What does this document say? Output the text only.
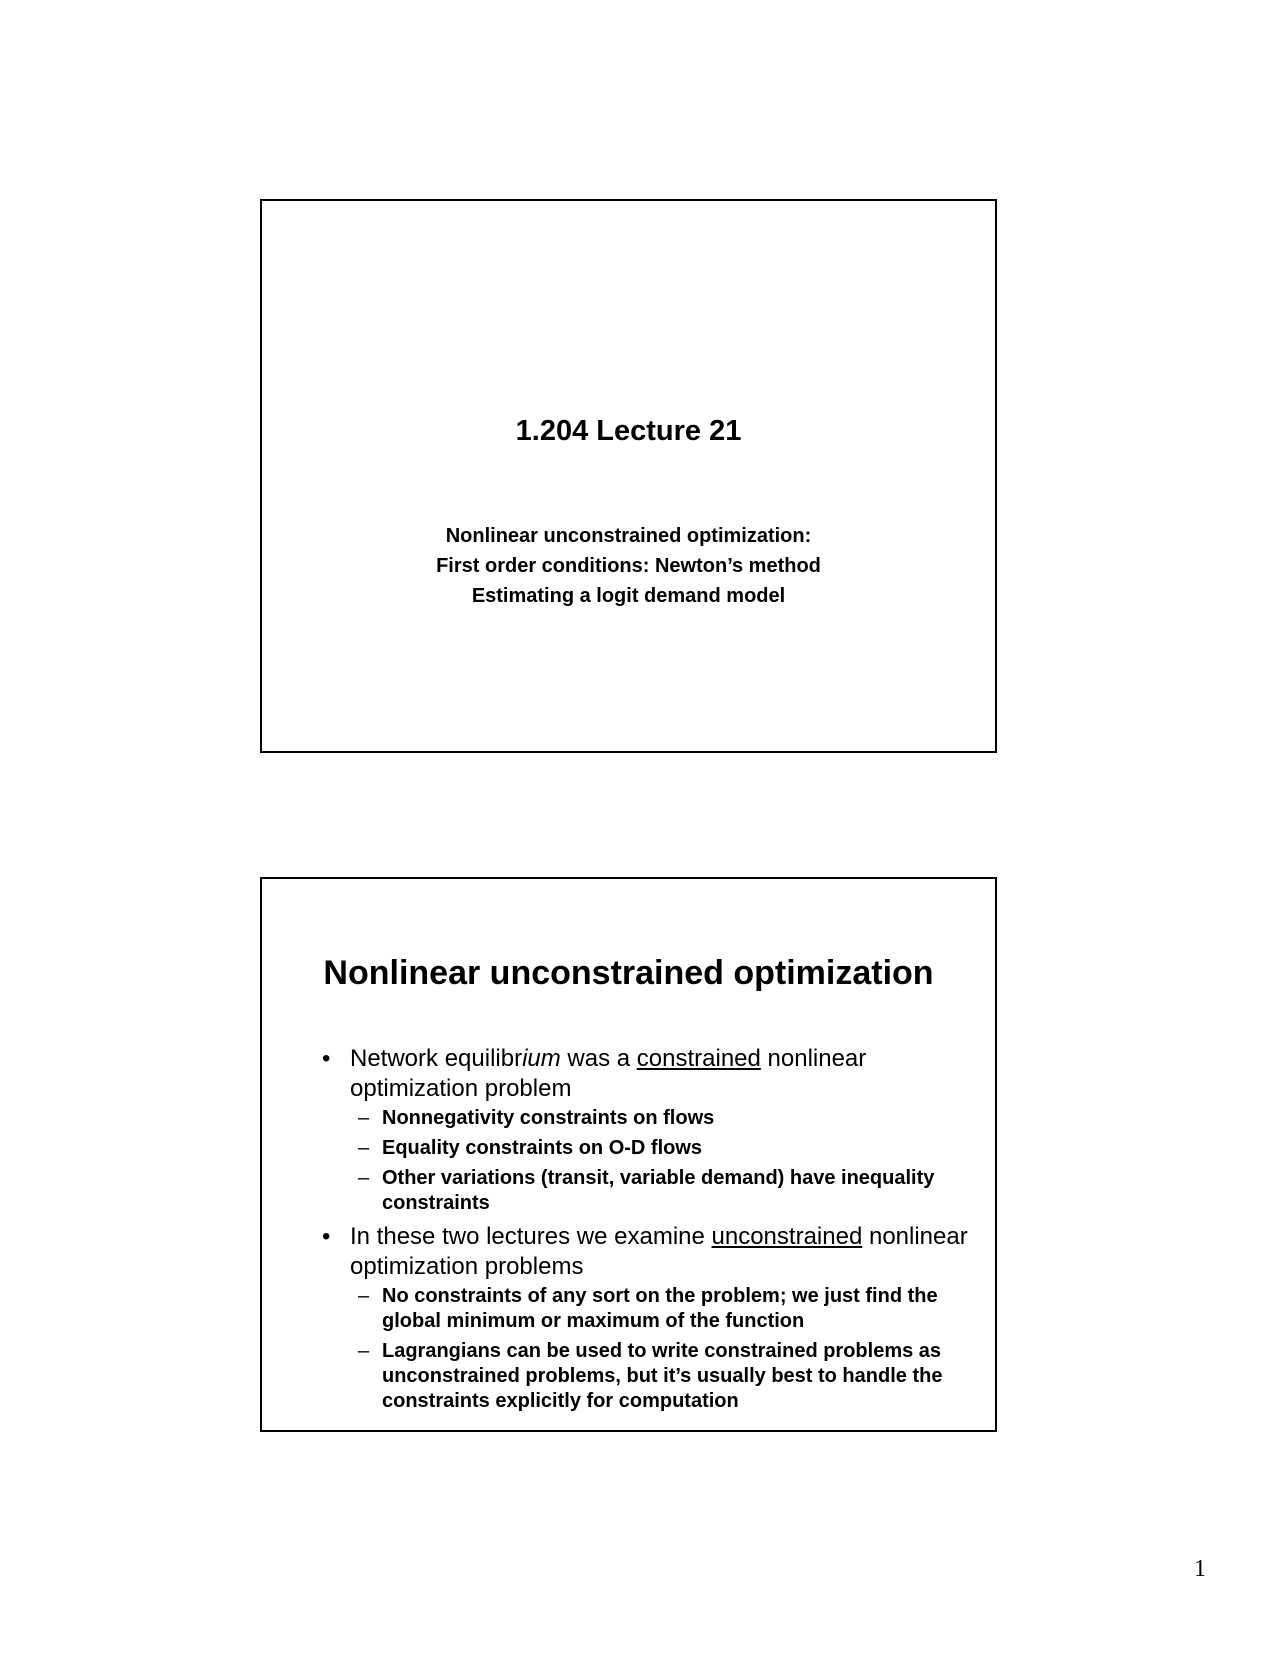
1.204 Lecture 21
Nonlinear unconstrained optimization:
First order conditions: Newton’s method
Estimating a logit demand model
Nonlinear unconstrained optimization
• Network equilibrium was a constrained nonlinear optimization problem
– Nonnegativity constraints on flows
– Equality constraints on O-D flows
– Other variations (transit, variable demand) have inequality constraints
• In these two lectures we examine unconstrained nonlinear optimization problems
– No constraints of any sort on the problem; we just find the global minimum or maximum of the function
– Lagrangians can be used to write constrained problems as unconstrained problems, but it’s usually best to handle the constraints explicitly for computation
1
